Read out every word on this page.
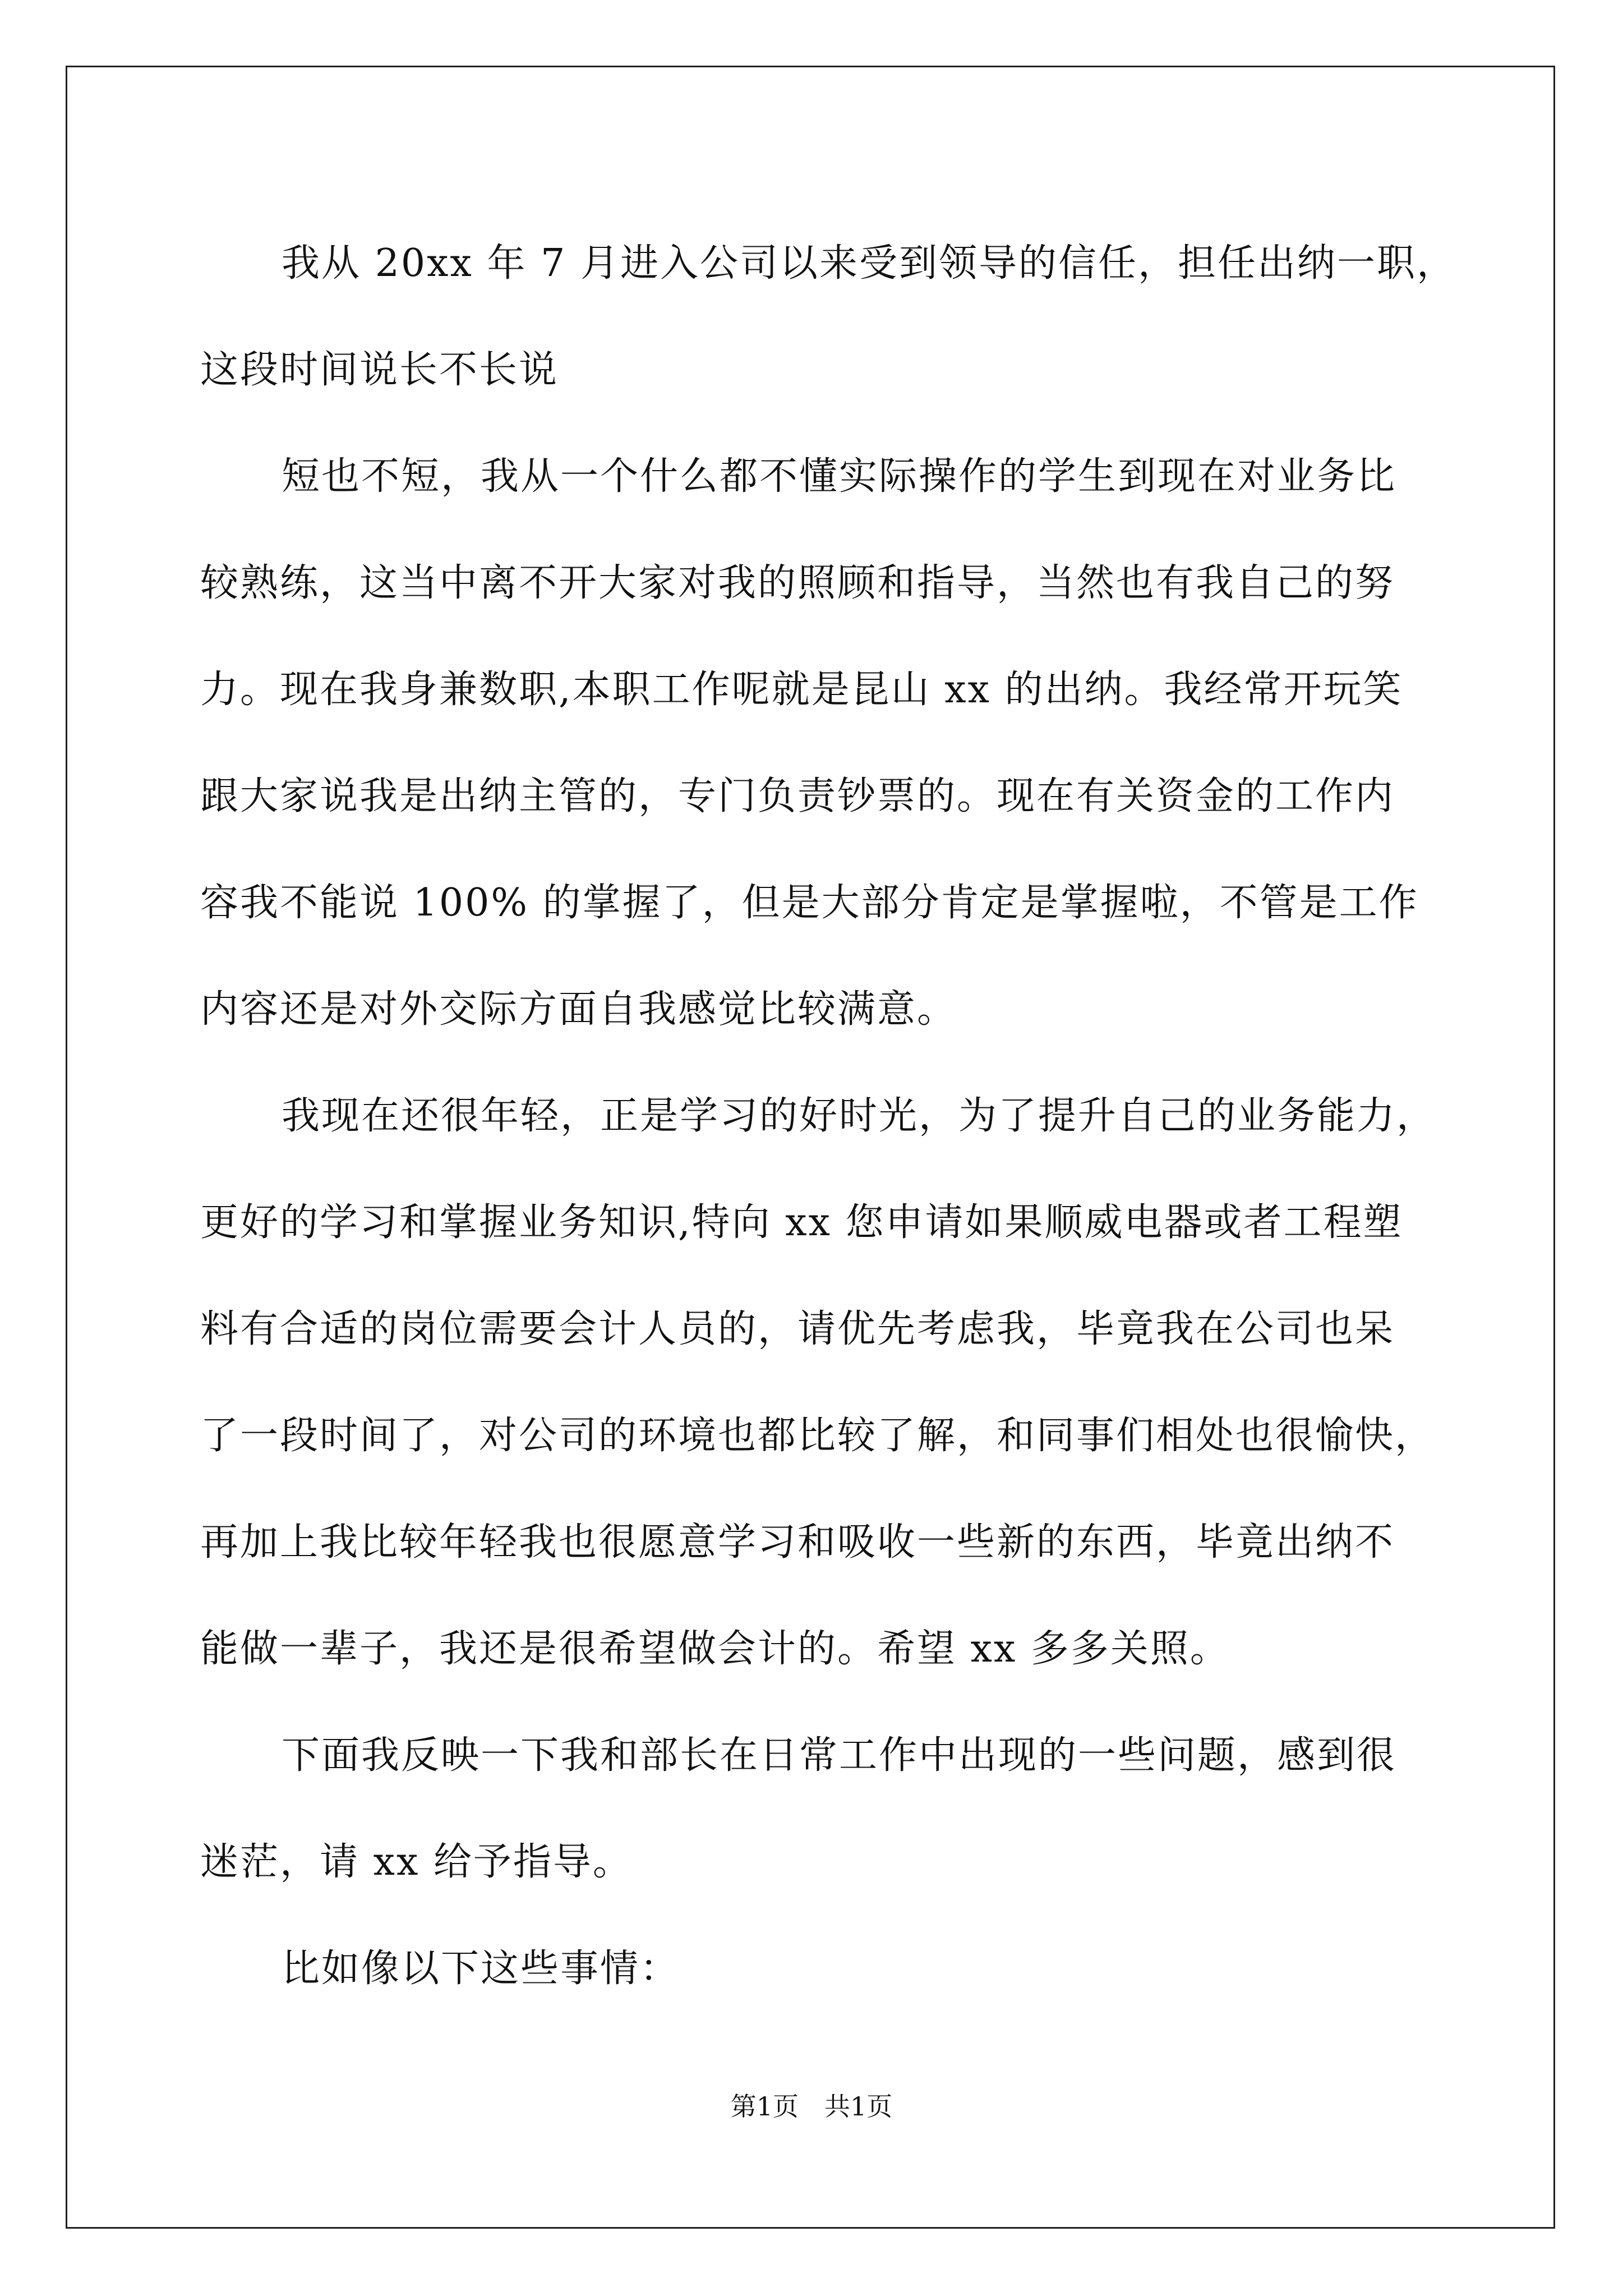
我从 20xx 年 7 月进入公司以来受到领导的信任，担任出纳一职，
这段时间说长不长说
短也不短，我从一个什么都不懂实际操作的学生到现在对业务比
较熟练，这当中离不开大家对我的照顾和指导，当然也有我自己的努
力。现在我身兼数职,本职工作呢就是昆山 xx 的出纳。我经常开玩笑
跟大家说我是出纳主管的，专门负责钞票的。现在有关资金的工作内
容我不能说 100% 的掌握了，但是大部分肯定是掌握啦，不管是工作
内容还是对外交际方面自我感觉比较满意。
我现在还很年轻，正是学习的好时光，为了提升自己的业务能力，
更好的学习和掌握业务知识,特向 xx 您申请如果顺威电器或者工程塑
料有合适的岗位需要会计人员的，请优先考虑我，毕竟我在公司也呆
了一段时间了，对公司的环境也都比较了解，和同事们相处也很愉快，
再加上我比较年轻我也很愿意学习和吸收一些新的东西，毕竟出纳不
能做一辈子，我还是很希望做会计的。希望 xx 多多关照。
下面我反映一下我和部长在日常工作中出现的一些问题，感到很
迷茫，请 xx 给予指导。
比如像以下这些事情：
第1页　共1页
